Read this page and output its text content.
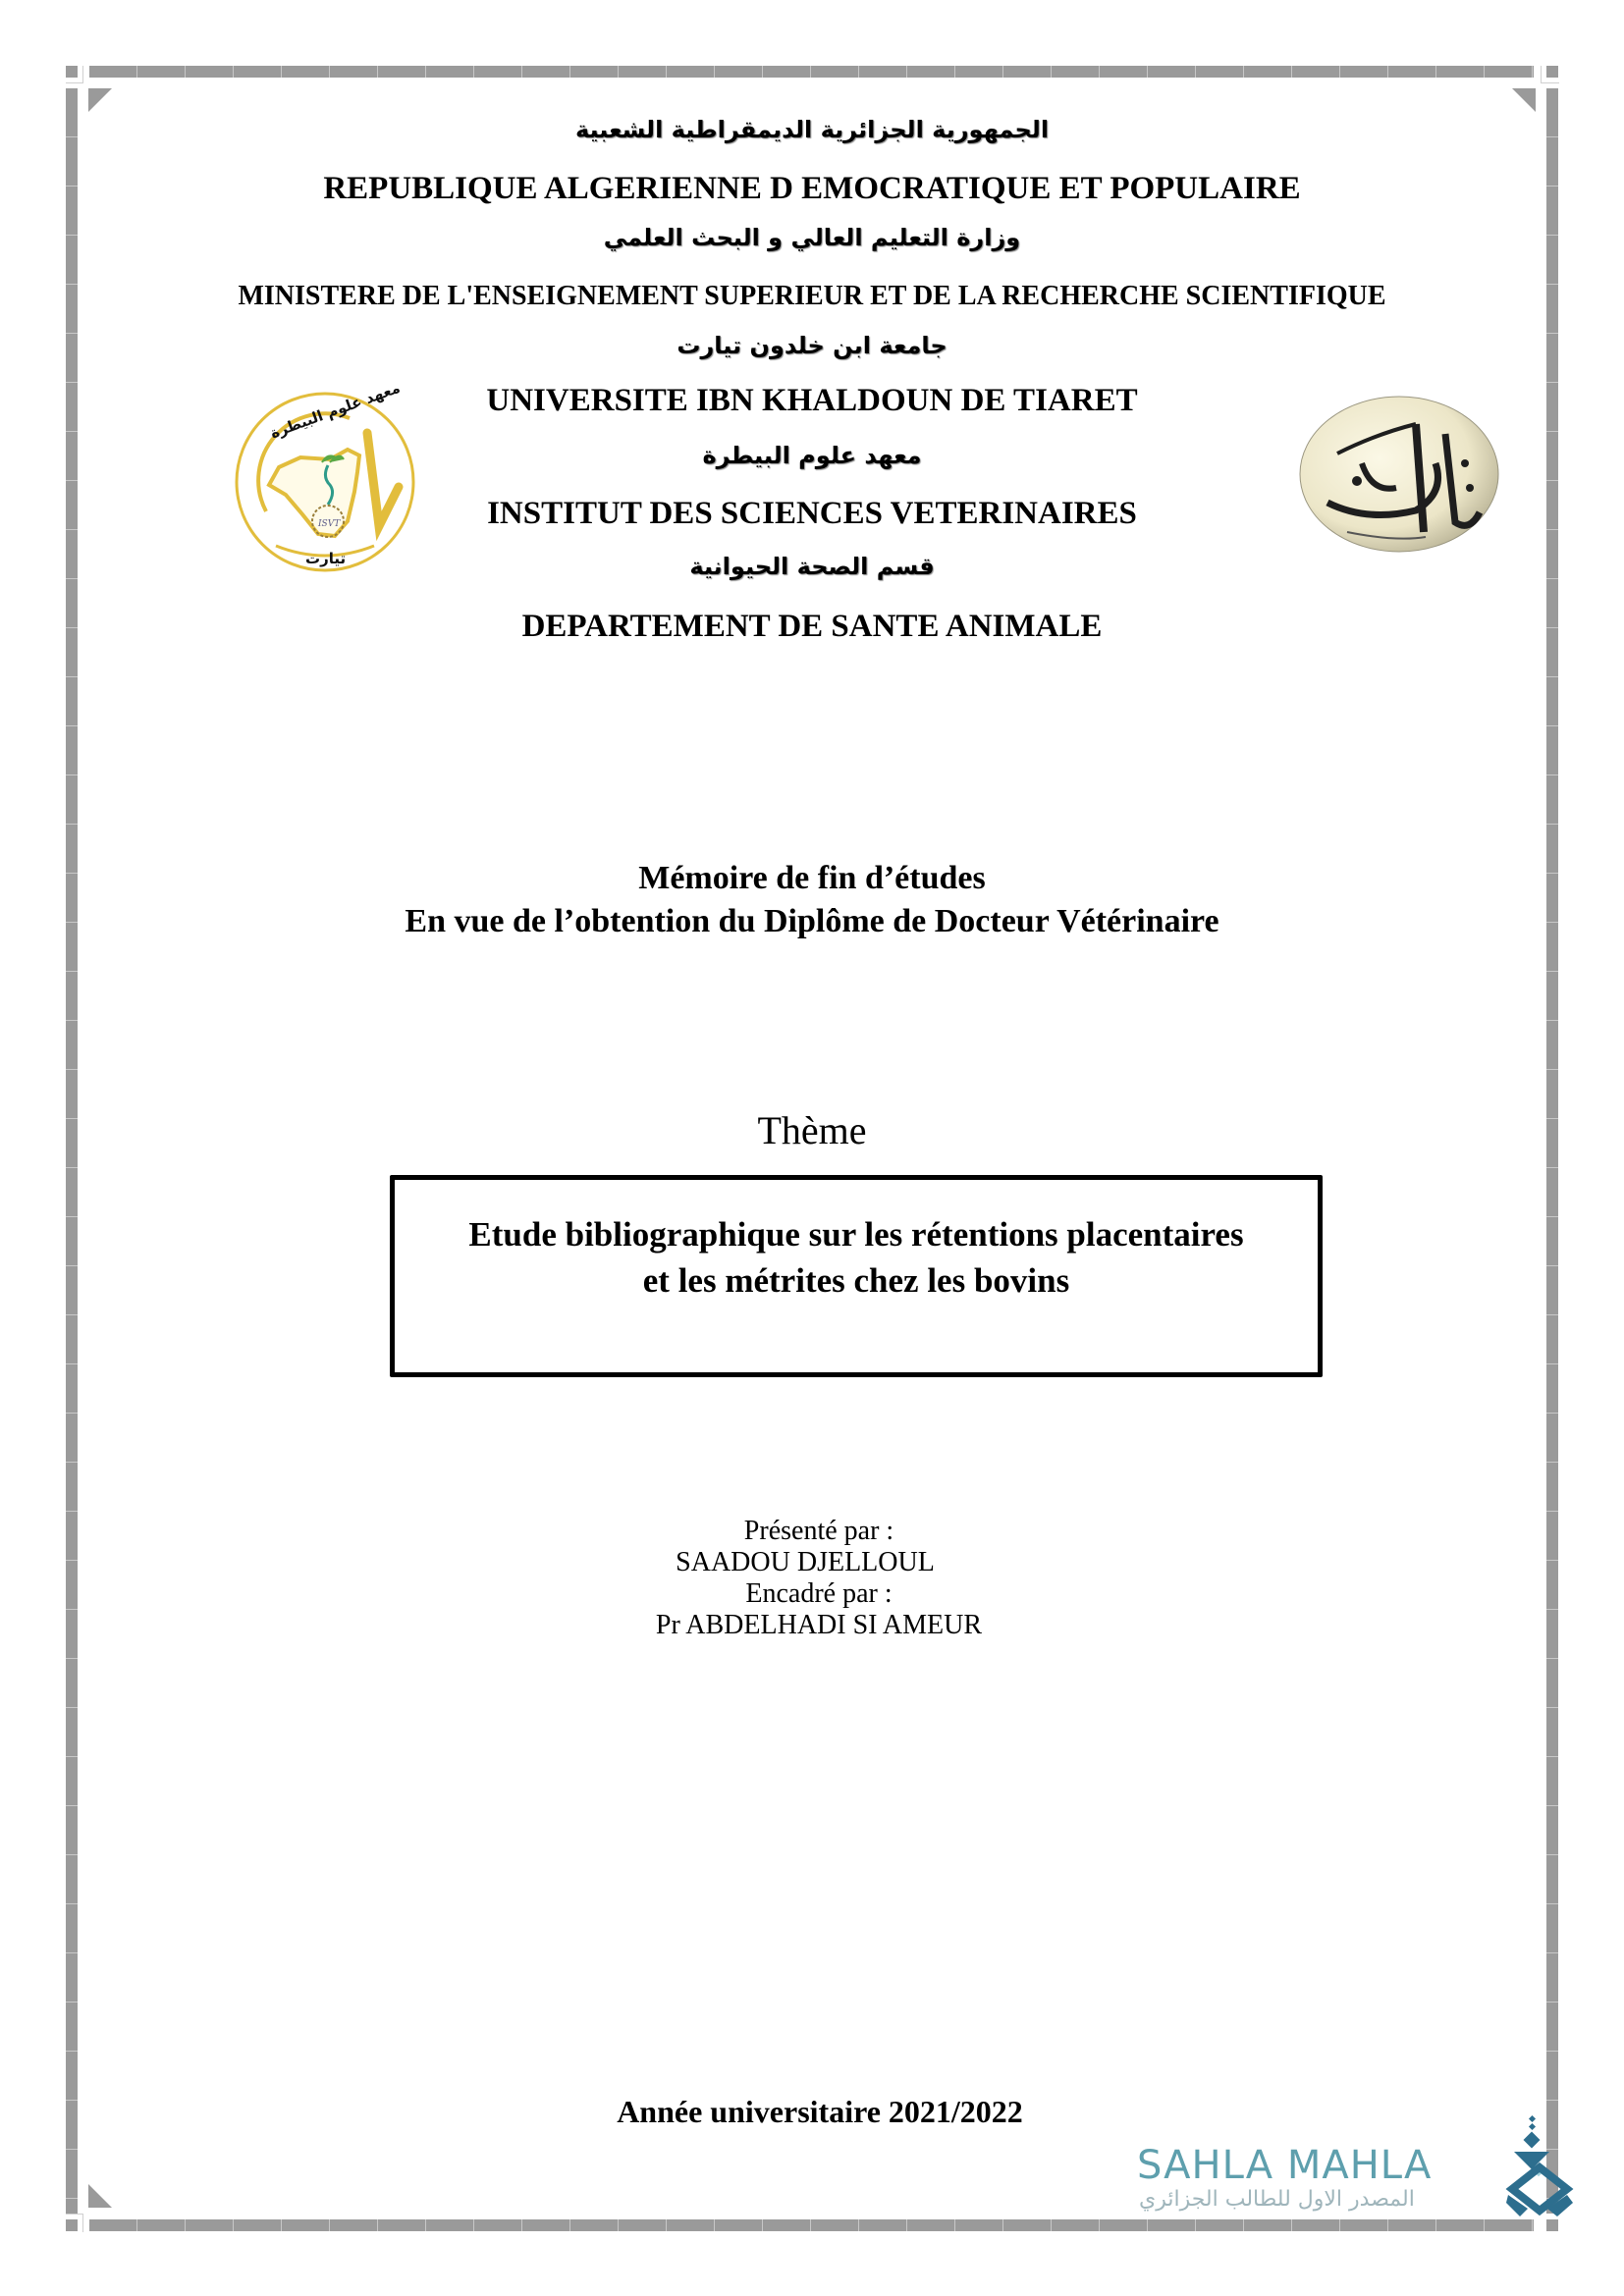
الجمهورية الجزائرية الديمقراطية الشعبية
REPUBLIQUE ALGERIENNE D EMOCRATIQUE ET POPULAIRE
وزارة التعليم العالي و البحث العلمي
MINISTERE DE L'ENSEIGNEMENT SUPERIEUR ET DE LA RECHERCHE SCIENTIFIQUE
جامعة ابن خلدون تيارت
UNIVERSITE IBN KHALDOUN DE TIARET
معهد علوم البيطرة
INSTITUT DES SCIENCES VETERINAIRES
قسم الصحة الحيوانية
DEPARTEMENT DE SANTE ANIMALE
ISVT
معهد علوم البيطرة
تيارت
Mémoire de fin d’études
En vue de l’obtention du Diplôme de Docteur Vétérinaire
Thème
Etude bibliographique sur les rétentions placentaires
et les métrites chez les bovins

Présenté par :
SAADOU DJELLOUL
Encadré par :
Pr ABDELHADI SI AMEUR

Année universitaire 2021/2022
SAHLA MAHLA
المصدر الاول للطالب الجزائري
